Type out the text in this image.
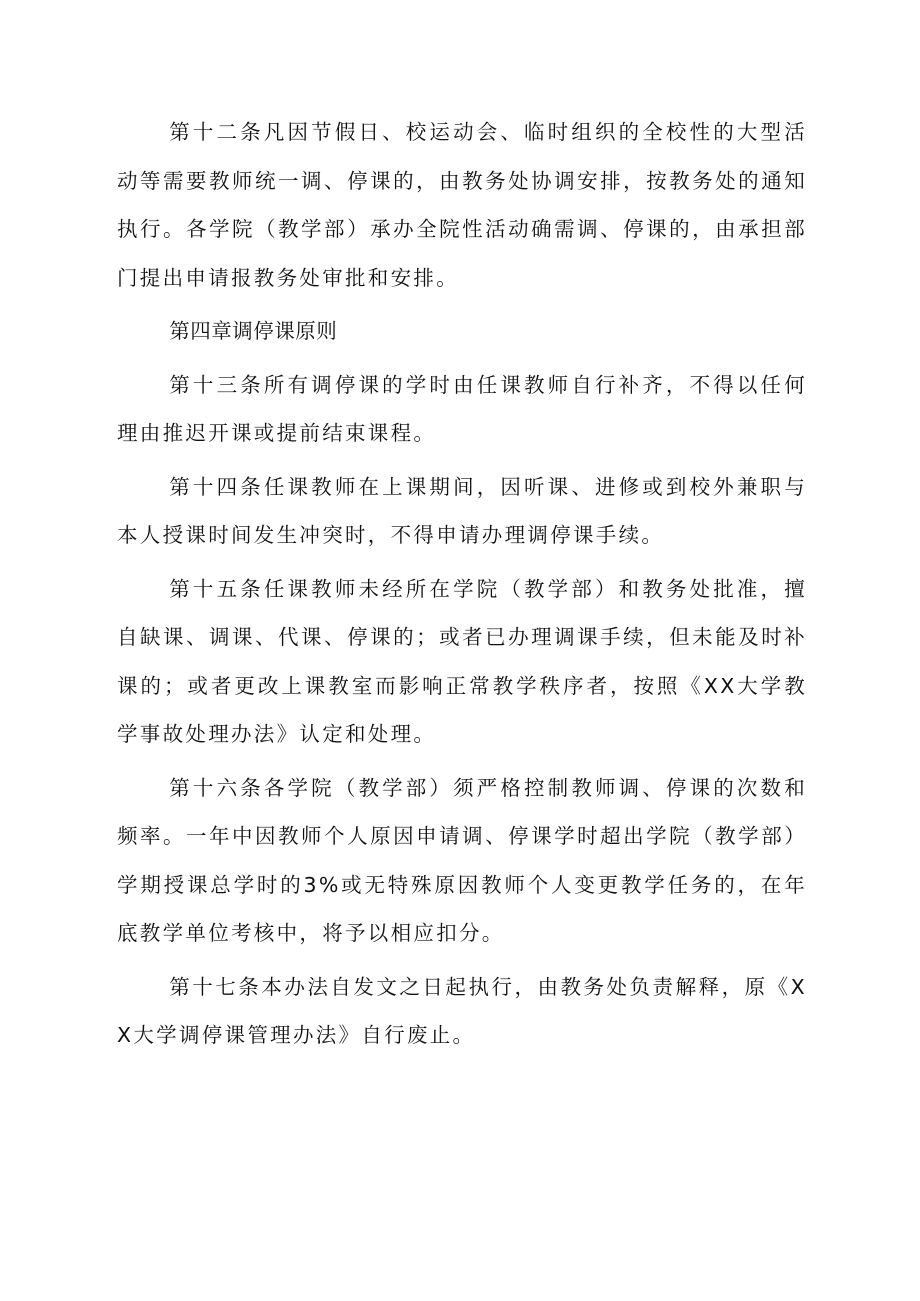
第十二条凡因节假日、校运动会、临时组织的全校性的大型活动等需要教师统一调、停课的，由教务处协调安排，按教务处的通知执行。各学院（教学部）承办全院性活动确需调、停课的，由承担部门提出申请报教务处审批和安排。

第四章调停课原则

第十三条所有调停课的学时由任课教师自行补齐，不得以任何理由推迟开课或提前结束课程。

第十四条任课教师在上课期间，因听课、进修或到校外兼职与本人授课时间发生冲突时，不得申请办理调停课手续。

第十五条任课教师未经所在学院（教学部）和教务处批准，擅自缺课、调课、代课、停课的；或者已办理调课手续，但未能及时补课的；或者更改上课教室而影响正常教学秩序者，按照《XX大学教学事故处理办法》认定和处理。

第十六条各学院（教学部）须严格控制教师调、停课的次数和频率。一年中因教师个人原因申请调、停课学时超出学院（教学部）学期授课总学时的3%或无特殊原因教师个人变更教学任务的，在年底教学单位考核中，将予以相应扣分。

第十七条本办法自发文之日起执行，由教务处负责解释，原《XX大学调停课管理办法》自行废止。
